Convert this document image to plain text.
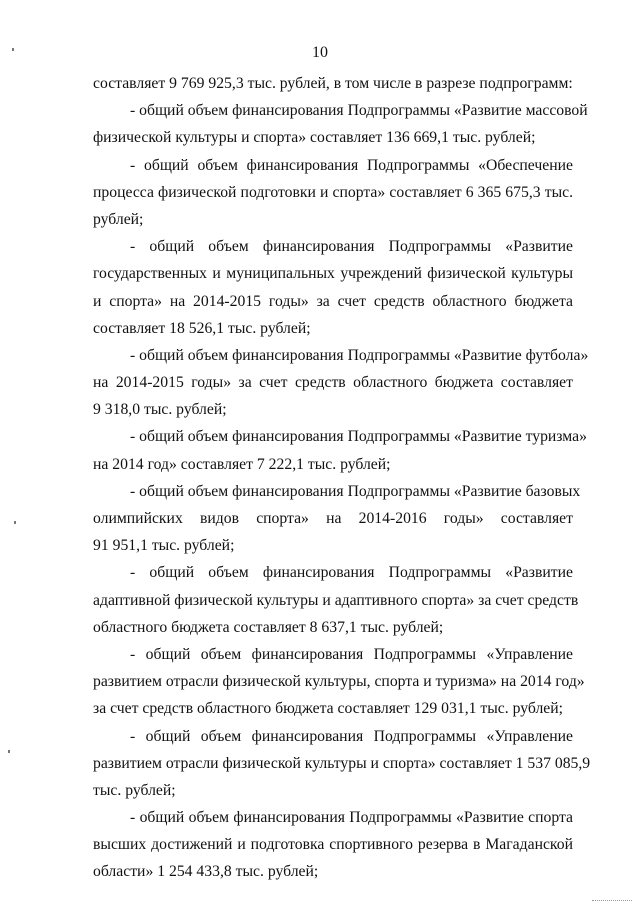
10
составляет 9 769 925,3 тыс. рублей, в том числе в разрезе подпрограмм:
- общий объем финансирования Подпрограммы «Развитие массовой
физической культуры и спорта» составляет 136 669,1 тыс. рублей;
- общий объем финансирования Подпрограммы «Обеспечение
процесса физической подготовки и спорта» составляет 6 365 675,3 тыс.
рублей;
- общий объем финансирования Подпрограммы «Развитие
государственных и муниципальных учреждений физической культуры
и спорта» на 2014-2015 годы» за счет средств областного бюджета
составляет 18 526,1 тыс. рублей;
- общий объем финансирования Подпрограммы «Развитие футбола»
на 2014-2015 годы» за счет средств областного бюджета составляет
9 318,0 тыс. рублей;
- общий объем финансирования Подпрограммы «Развитие туризма»
на 2014 год» составляет 7 222,1 тыс. рублей;
- общий объем финансирования Подпрограммы «Развитие базовых
олимпийских видов спорта» на 2014-2016 годы» составляет
91 951,1 тыс. рублей;
- общий объем финансирования Подпрограммы «Развитие
адаптивной физической культуры и адаптивного спорта» за счет средств
областного бюджета составляет 8 637,1 тыс. рублей;
- общий объем финансирования Подпрограммы «Управление
развитием отрасли физической культуры, спорта и туризма» на 2014 год»
за счет средств областного бюджета составляет 129 031,1 тыс. рублей;
- общий объем финансирования Подпрограммы «Управление
развитием отрасли физической культуры и спорта» составляет 1 537 085,9
тыс. рублей;
- общий объем финансирования Подпрограммы «Развитие спорта
высших достижений и подготовка спортивного резерва в Магаданской
области» 1 254 433,8 тыс. рублей;
